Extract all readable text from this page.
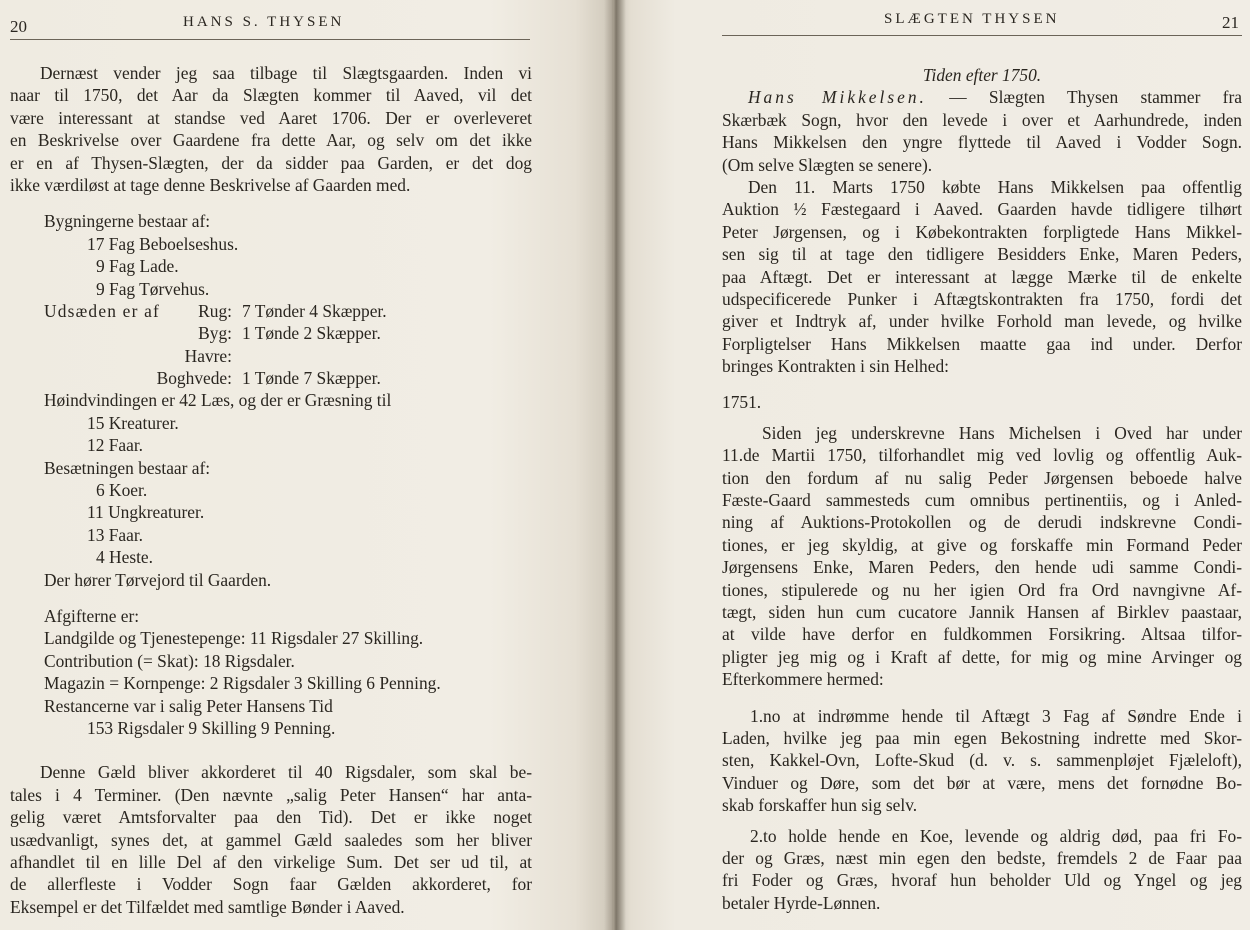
20	HANS S. THYSEN
Dernæst vender jeg saa tilbage til Slægtsgaarden. Inden vi
naar til 1750, det Aar da Slægten kommer til Aaved, vil det
være interessant at standse ved Aaret 1706. Der er overleveret
en Beskrivelse over Gaardene fra dette Aar, og selv om det ikke
er en af Thysen-Slægten, der da sidder paa Garden, er det dog
ikke værdiløst at tage denne Beskrivelse af Gaarden med.
Bygningerne bestaar af:
17 Fag Beboelseshus.
9 Fag Lade.
9 Fag Tørvehus.
Udsæden er af	Rug: 7 Tønder 4 Skæpper.
Byg: 1 Tønde 2 Skæpper.
Havre:
Boghvede: 1 Tønde 7 Skæpper.
Høindvindingen er 42 Læs, og der er Græsning til
15 Kreaturer.
12 Faar.
Besætningen bestaar af:
6 Koer.
11 Ungkreaturer.
13 Faar.
4 Heste.
Der hører Tørvejord til Gaarden.
Afgifterne er:
Landgilde og Tjenestepenge: 11 Rigsdaler 27 Skilling.
Contribution (= Skat): 18 Rigsdaler.
Magazin = Kornpenge: 2 Rigsdaler 3 Skilling 6 Penning.
Restancerne var i salig Peter Hansens Tid
153 Rigsdaler 9 Skilling 9 Penning.
Denne Gæld bliver akkorderet til 40 Rigsdaler, som skal be-
tales i 4 Terminer. (Den nævnte „salig Peter Hansen“ har anta-
gelig været Amtsforvalter paa den Tid). Det er ikke noget
usædvanligt, synes det, at gammel Gæld saaledes som her bliver
afhandlet til en lille Del af den virkelige Sum. Det ser ud til, at
de allerfleste i Vodder Sogn faar Gælden akkorderet, for
Eksempel er det Tilfældet med samtlige Bønder i Aaved.
SLÆGTEN THYSEN	21
Tiden efter 1750.
Hans Mikkelsen. — Slægten Thysen stammer fra
Skærbæk Sogn, hvor den levede i over et Aarhundrede, inden
Hans Mikkelsen den yngre flyttede til Aaved i Vodder Sogn.
(Om selve Slægten se senere).
Den 11. Marts 1750 købte Hans Mikkelsen paa offentlig
Auktion ½ Fæstegaard i Aaved. Gaarden havde tidligere tilhørt
Peter Jørgensen, og i Købekontrakten forpligtede Hans Mikkel-
sen sig til at tage den tidligere Besidders Enke, Maren Peders,
paa Aftægt. Det er interessant at lægge Mærke til de enkelte
udspecificerede Punker i Aftægtskontrakten fra 1750, fordi det
giver et Indtryk af, under hvilke Forhold man levede, og hvilke
Forpligtelser Hans Mikkelsen maatte gaa ind under. Derfor
bringes Kontrakten i sin Helhed:
1751.
Siden jeg underskrevne Hans Michelsen i Oved har under
11.de Martii 1750, tilforhandlet mig ved lovlig og offentlig Auk-
tion den fordum af nu salig Peder Jørgensen beboede halve
Fæste-Gaard sammesteds cum omnibus pertinentiis, og i Anled-
ning af Auktions-Protokollen og de derudi indskrevne Condi-
tiones, er jeg skyldig, at give og forskaffe min Formand Peder
Jørgensens Enke, Maren Peders, den hende udi samme Condi-
tiones, stipulerede og nu her igien Ord fra Ord navngivne Af-
tægt, siden hun cum cucatore Jannik Hansen af Birklev paastaar,
at vilde have derfor en fuldkommen Forsikring. Altsaa tilfor-
pligter jeg mig og i Kraft af dette, for mig og mine Arvinger og
Efterkommere hermed:
1.no at indrømme hende til Aftægt 3 Fag af Søndre Ende i
Laden, hvilke jeg paa min egen Bekostning indrette med Skor-
sten, Kakkel-Ovn, Lofte-Skud (d. v. s. sammenpløjet Fjæleloft),
Vinduer og Døre, som det bør at være, mens det fornødne Bo-
skab forskaffer hun sig selv.
2.to holde hende en Koe, levende og aldrig død, paa fri Fo-
der og Græs, næst min egen den bedste, fremdels 2 de Faar paa
fri Foder og Græs, hvoraf hun beholder Uld og Yngel og jeg
betaler Hyrde-Lønnen.
